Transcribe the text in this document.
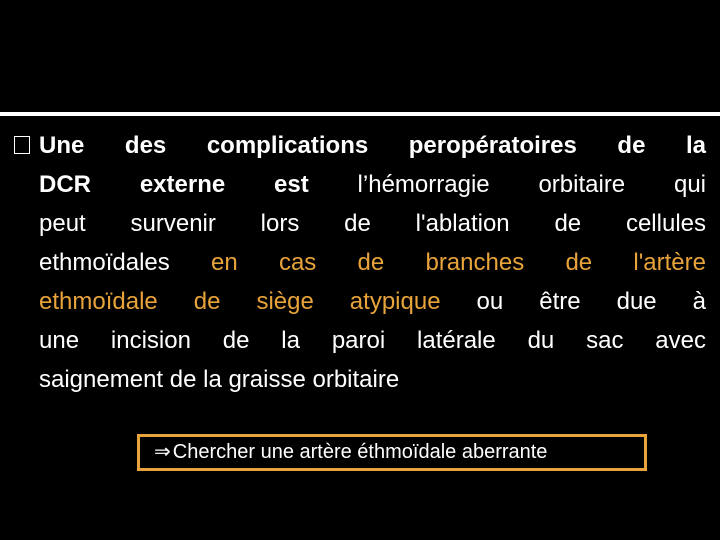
Une des complications peropératoires de la
DCR externe est l’hémorragie orbitaire qui
peut survenir lors de l'ablation de cellules
ethmoïdales en cas de branches de l'artère
ethmoïdale de siège atypique ou être due à
une incision de la paroi latérale du sac avec
saignement de la graisse orbitaire
⇒ Chercher une artère éthmoïdale aberrante
